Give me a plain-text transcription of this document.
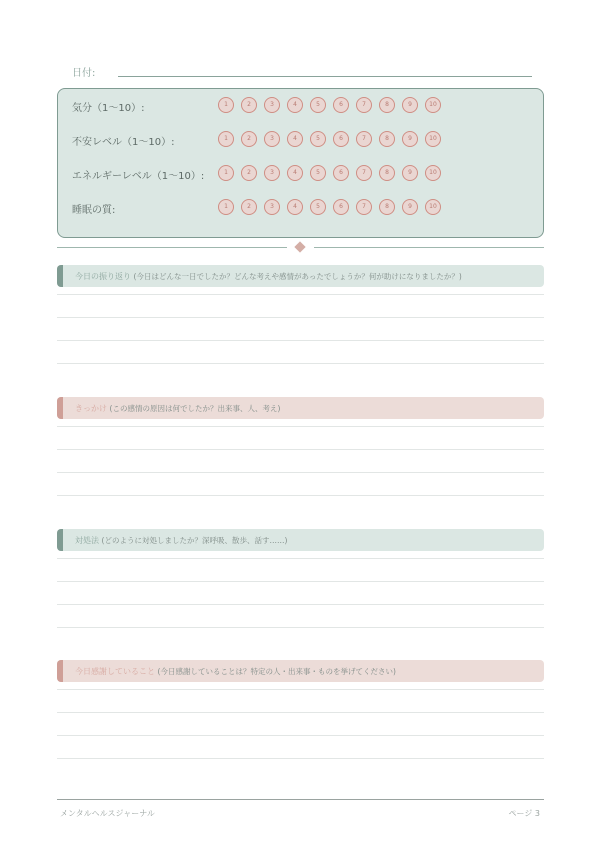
日付:
気分（1〜10）:	1	2	3	4	5	6	7	8	9	10
不安レベル（1〜10）:	1	2	3	4	5	6	7	8	9	10
エネルギーレベル（1〜10）:	1	2	3	4	5	6	7	8	9	10
睡眠の質:	1	2	3	4	5	6	7	8	9	10
今日の振り返り (今日はどんな一日でしたか？どんな考えや感情があったでしょうか？何が助けになりましたか？)
きっかけ (この感情の原因は何でしたか？出来事、人、考え)
対処法 (どのように対処しましたか？深呼吸、散歩、話す……)
今日感謝していること (今日感謝していることは？特定の人・出来事・ものを挙げてください)
メンタルヘルスジャーナル	ページ 3
